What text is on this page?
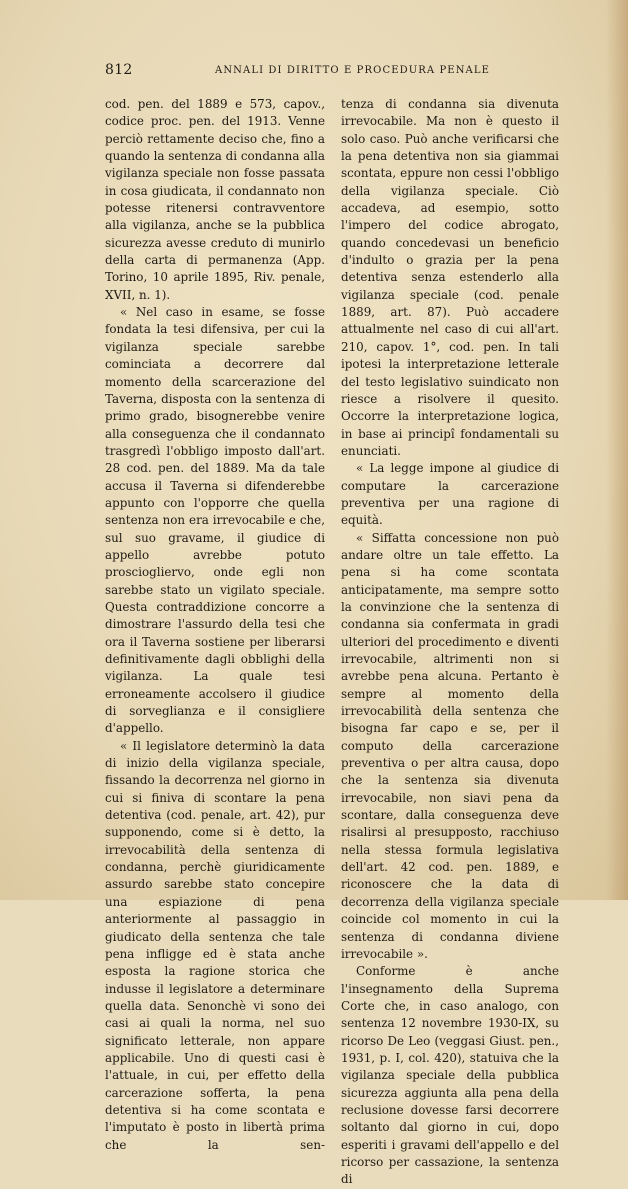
812	ANNALI DI DIRITTO E PROCEDURA PENALE

cod. pen. del 1889 e 573, capov., codice proc. pen. del 1913. Venne perciò rettamente deciso che, fino a quando la sentenza di condanna alla vigilanza speciale non fosse passata in cosa giudicata, il condannato non potesse ritenersi contravventore alla vigilanza, anche se la pubblica sicurezza avesse creduto di munirlo della carta di permanenza (App. Torino, 10 aprile 1895, Riv. penale, XVII, n. 1).

« Nel caso in esame, se fosse fondata la tesi difensiva, per cui la vigilanza speciale sarebbe cominciata a decorrere dal momento della scarcerazione del Taverna, disposta con la sentenza di primo grado, bisognerebbe venire alla conseguenza che il condannato trasgredì l'obbligo imposto dall'art. 28 cod. pen. del 1889. Ma da tale accusa il Taverna si difenderebbe appunto con l'opporre che quella sentenza non era irrevocabile e che, sul suo gravame, il giudice di appello avrebbe potuto prosciogliervo, onde egli non sarebbe stato un vigilato speciale. Questa contraddizione concorre a dimostrare l'assurdo della tesi che ora il Taverna sostiene per liberarsi definitivamente dagli obblighi della vigilanza. La quale tesi erroneamente accolsero il giudice di sorveglianza e il consigliere d'appello.

« Il legislatore determinò la data di inizio della vigilanza speciale, fissando la decorrenza nel giorno in cui si finiva di scontare la pena detentiva (cod. penale, art. 42), pur supponendo, come si è detto, la irrevocabilità della sentenza di condanna, perchè giuridicamente assurdo sarebbe stato concepire una espiazione di pena anteriormente al passaggio in giudicato della sentenza che tale pena infligge ed è stata anche esposta la ragione storica che indusse il legislatore a determinare quella data. Senonchè vi sono dei casi ai quali la norma, nel suo significato letterale, non appare applicabile. Uno di questi casi è l'attuale, in cui, per effetto della carcerazione sofferta, la pena detentiva si ha come scontata e l'imputato è posto in libertà prima che la sen-

tenza di condanna sia divenuta irrevocabile. Ma non è questo il solo caso. Può anche verificarsi che la pena detentiva non sia giammai scontata, eppure non cessi l'obbligo della vigilanza speciale. Ciò accadeva, ad esempio, sotto l'impero del codice abrogato, quando concedevasi un beneficio d'indulto o grazia per la pena detentiva senza estenderlo alla vigilanza speciale (cod. penale 1889, art. 87). Può accadere attualmente nel caso di cui all'art. 210, capov. 1°, cod. pen. In tali ipotesi la interpretazione letterale del testo legislativo suindicato non riesce a risolvere il quesito. Occorre la interpretazione logica, in base ai principî fondamentali su enunciati.

« La legge impone al giudice di computare la carcerazione preventiva per una ragione di equità.

« Siffatta concessione non può andare oltre un tale effetto. La pena si ha come scontata anticipatamente, ma sempre sotto la convinzione che la sentenza di condanna sia confermata in gradi ulteriori del procedimento e diventi irrevocabile, altrimenti non si avrebbe pena alcuna. Pertanto è sempre al momento della irrevocabilità della sentenza che bisogna far capo e se, per il computo della carcerazione preventiva o per altra causa, dopo che la sentenza sia divenuta irrevocabile, non siavi pena da scontare, dalla conseguenza deve risalirsi al presupposto, racchiuso nella stessa formula legislativa dell'art. 42 cod. pen. 1889, e riconoscere che la data di decorrenza della vigilanza speciale coincide col momento in cui la sentenza di condanna diviene irrevocabile ».

Conforme è anche l'insegnamento della Suprema Corte che, in caso analogo, con sentenza 12 novembre 1930-IX, su ricorso De Leo (veggasi Giust. pen., 1931, p. I, col. 420), statuiva che la vigilanza speciale della pubblica sicurezza aggiunta alla pena della reclusione dovesse farsi decorrere soltanto dal giorno in cui, dopo esperiti i gravami dell'appello e del ricorso per cassazione, la sentenza di
